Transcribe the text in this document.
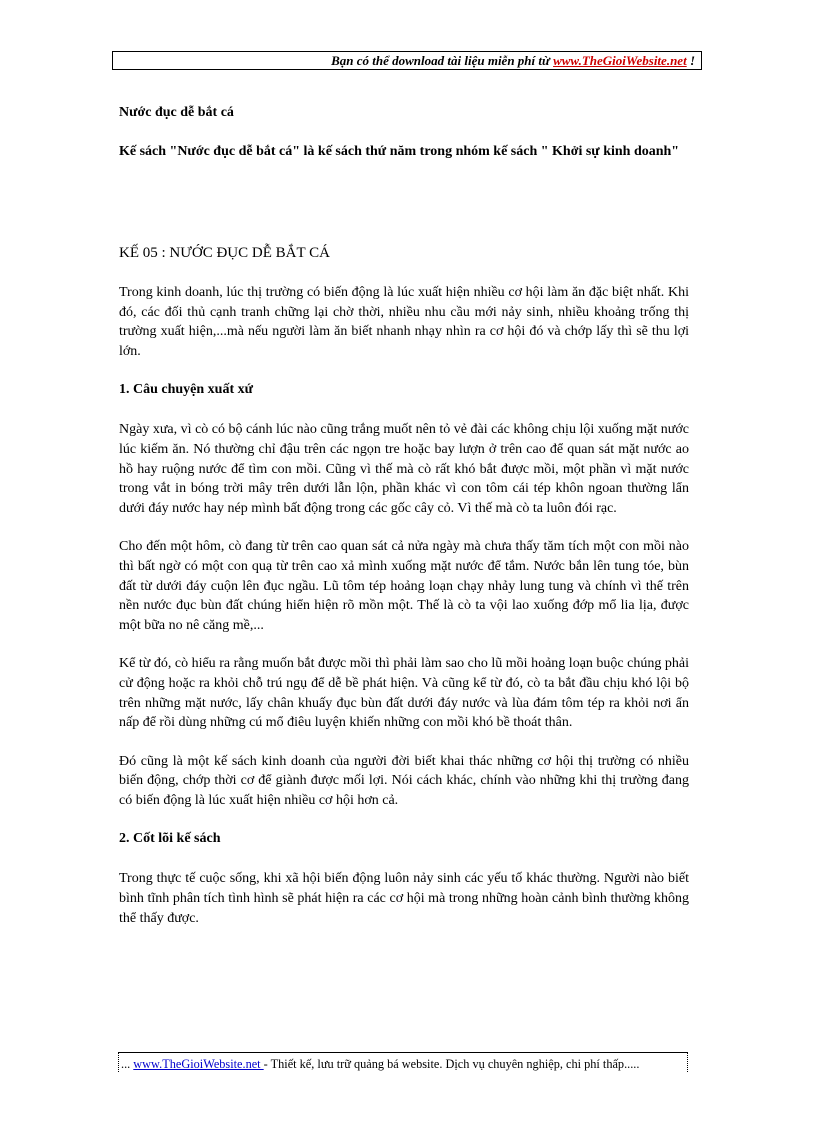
Bạn có thể download tài liệu miễn phí từ www.TheGioiWebsite.net !

Nước đục dễ bắt cá

Kế sách "Nước đục dễ bắt cá" là kế sách thứ năm trong nhóm kế sách " Khởi sự kinh doanh"

KẾ 05 : NƯỚC ĐỤC DỄ BẮT CÁ

Trong kinh doanh, lúc thị trường có biến động là lúc xuất hiện nhiều cơ hội làm ăn đặc biệt nhất. Khi đó, các đối thủ cạnh tranh chững lại chờ thời, nhiều nhu cầu mới nảy sinh, nhiều khoảng trống thị trường xuất hiện,...mà nếu người làm ăn biết nhanh nhạy nhìn ra cơ hội đó và chớp lấy thì sẽ thu lợi lớn.

1. Câu chuyện xuất xứ

Ngày xưa, vì cò có bộ cánh lúc nào cũng trắng muốt nên tỏ vẻ đài các không chịu lội xuống mặt nước lúc kiếm ăn. Nó thường chỉ đậu trên các ngọn tre hoặc bay lượn ở trên cao để quan sát mặt nước ao hồ hay ruộng nước để tìm con mồi. Cũng vì thế mà cò rất khó bắt được mồi, một phần vì mặt nước trong vắt in bóng trời mây trên dưới lẫn lộn, phần khác vì con tôm cái tép khôn ngoan thường lẩn dưới đáy nước hay nép mình bất động trong các gốc cây cỏ. Vì thế mà cò ta luôn đói rạc.

Cho đến một hôm, cò đang từ trên cao quan sát cả nửa ngày mà chưa thấy tăm tích một con mồi nào thì bất ngờ có một con quạ từ trên cao xả mình xuống mặt nước để tắm. Nước bắn lên tung tóe, bùn đất từ dưới đáy cuộn lên đục ngầu. Lũ tôm tép hoảng loạn chạy nhảy lung tung và chính vì thế trên nền nước đục bùn đất chúng hiển hiện rõ mồn một. Thế là cò ta vội lao xuống đớp mổ lia lịa, được một bữa no nê căng mề,...

Kể từ đó, cò hiểu ra rằng muốn bắt được mồi thì phải làm sao cho lũ mồi hoảng loạn buộc chúng phải cử động hoặc ra khỏi chỗ trú ngụ để dễ bề phát hiện. Và cũng kể từ đó, cò ta bắt đầu chịu khó lội bộ trên những mặt nước, lấy chân khuấy đục bùn đất dưới đáy nước và lùa đám tôm tép ra khỏi nơi ẩn nấp để rồi dùng những cú mổ điêu luyện khiến những con mồi khó bề thoát thân.

Đó cũng là một kế sách kinh doanh của người đời biết khai thác những cơ hội thị trường có nhiều biến động, chớp thời cơ để giành được mối lợi. Nói cách khác, chính vào những khi thị trường đang có biến động là lúc xuất hiện nhiều cơ hội hơn cả.

2. Cốt lõi kế sách

Trong thực tế cuộc sống, khi xã hội biến động luôn nảy sinh các yếu tố khác thường. Người nào biết bình tĩnh phân tích tình hình sẽ phát hiện ra các cơ hội mà trong những hoàn cảnh bình thường không thể thấy được.

... www.TheGioiWebsite.net - Thiết kế, lưu trữ quảng bá website. Dịch vụ chuyên nghiệp, chi phí thấp.....
